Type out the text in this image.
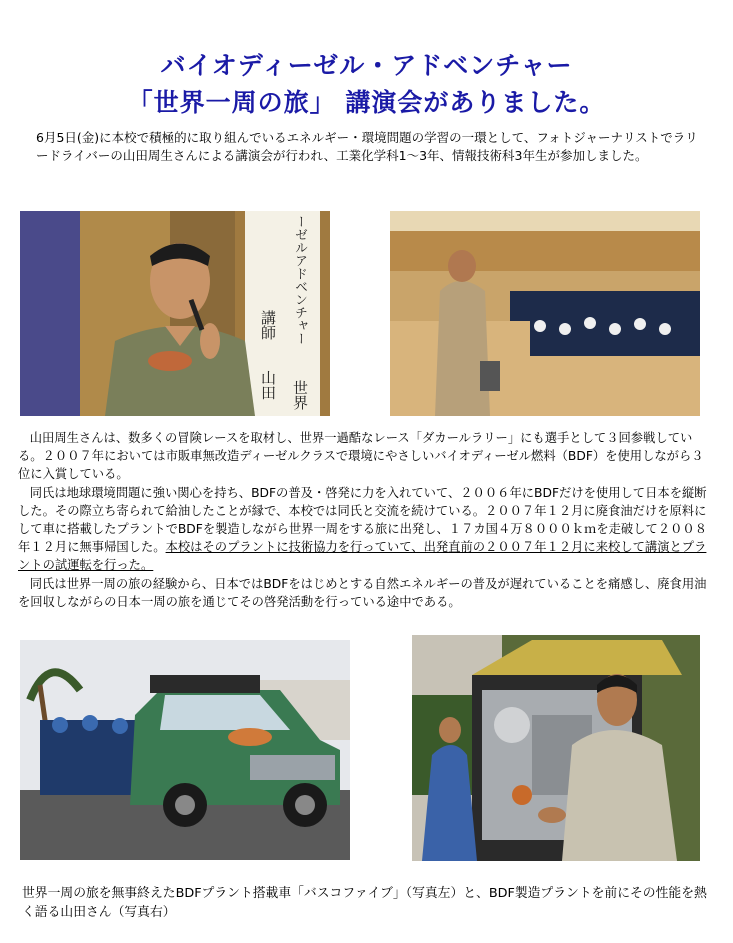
バイオディーゼル・アドベンチャー
「世界一周の旅」 講演会がありました。
6月5日(金)に本校で積極的に取り組んでいるエネルギー・環境問題の学習の一環として、フォトジャーナリストでラリードライバーの山田周生さんによる講演会が行われ、工業化学科1～3年、情報技術科3年生が参加しました。
ーゼルアドベンチャー
講師
山田 世界

山田周生さんは、数多くの冒険レースを取材し、世界一過酷なレース「ダカールラリー」にも選手として３回参戦している。２００７年においては市販車無改造ディーゼルクラスで環境にやさしいバイオディーゼル燃料（BDF）を使用しながら３位に入賞している。

同氏は地球環境問題に強い関心を持ち、BDFの普及・啓発に力を入れていて、２００６年にBDFだけを使用して日本を縦断した。その際立ち寄られて給油したことが縁で、本校では同氏と交流を続けている。２００７年１２月に廃食油だけを原料にして車に搭載したプラントでBDFを製造しながら世界一周をする旅に出発し、１７カ国４万８０００ｋｍを走破して２００８年１２月に無事帰国した。本校はそのプラントに技術協力を行っていて、出発直前の２００７年１２月に来校して講演とプラントの試運転を行った。

同氏は世界一周の旅の経験から、日本ではBDFをはじめとする自然エネルギーの普及が遅れていることを痛感し、廃食用油を回収しながらの日本一周の旅を通じてその啓発活動を行っている途中である。

世界一周の旅を無事終えたBDFプラント搭載車「バスコファイブ」（写真左）と、BDF製造プラントを前にその性能を熱く語る山田さん（写真右）
